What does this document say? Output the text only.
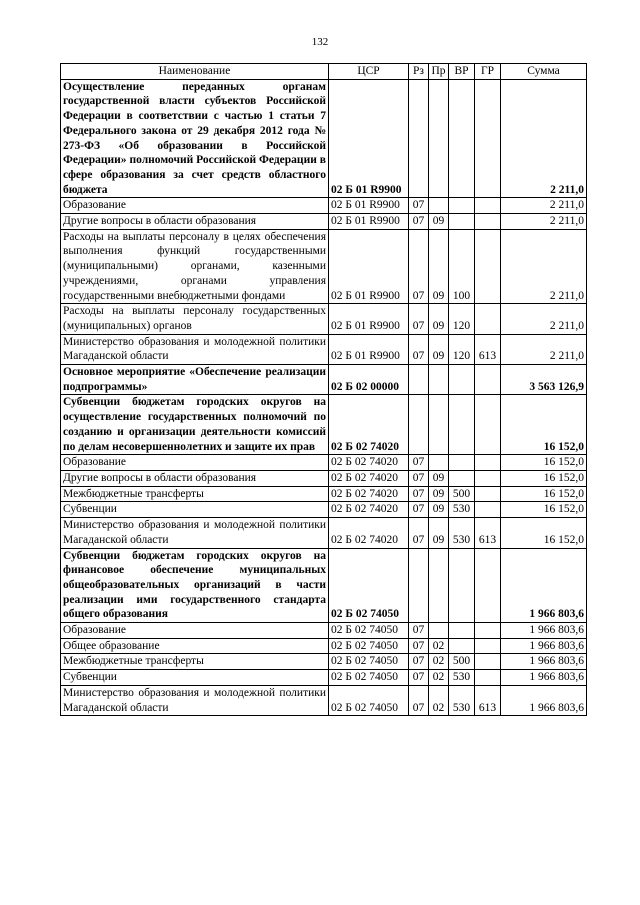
132
Наименование	ЦСР	Рз	Пр	ВР	ГР	Сумма
Осуществление переданных органам государственной власти субъектов Российской Федерации в соответствии с частью 1 статьи 7 Федерального закона от 29 декабря 2012 года № 273-ФЗ «Об образовании в Российской Федерации» полномочий Российской Федерации в сфере образования за счет средств областного бюджета	02 Б 01 R9900					2 211,0
Образование	02 Б 01 R9900	07				2 211,0
Другие вопросы в области образования	02 Б 01 R9900	07	09			2 211,0
Расходы на выплаты персоналу в целях обеспечения выполнения функций государственными (муниципальными) органами, казенными учреждениями, органами управления государственными внебюджетными фондами	02 Б 01 R9900	07	09	100		2 211,0
Расходы на выплаты персоналу государственных (муниципальных) органов	02 Б 01 R9900	07	09	120		2 211,0
Министерство образования и молодежной политики Магаданской области	02 Б 01 R9900	07	09	120	613	2 211,0
Основное мероприятие «Обеспечение реализации подпрограммы»	02 Б 02 00000					3 563 126,9
Субвенции бюджетам городских округов на осуществление государственных полномочий по созданию и организации деятельности комиссий по делам несовершеннолетних и защите их прав	02 Б 02 74020					16 152,0
Образование	02 Б 02 74020	07				16 152,0
Другие вопросы в области образования	02 Б 02 74020	07	09			16 152,0
Межбюджетные трансферты	02 Б 02 74020	07	09	500		16 152,0
Субвенции	02 Б 02 74020	07	09	530		16 152,0
Министерство образования и молодежной политики Магаданской области	02 Б 02 74020	07	09	530	613	16 152,0
Субвенции бюджетам городских округов на финансовое обеспечение муниципальных общеобразовательных организаций в части реализации ими государственного стандарта общего образования	02 Б 02 74050					1 966 803,6
Образование	02 Б 02 74050	07				1 966 803,6
Общее образование	02 Б 02 74050	07	02			1 966 803,6
Межбюджетные трансферты	02 Б 02 74050	07	02	500		1 966 803,6
Субвенции	02 Б 02 74050	07	02	530		1 966 803,6
Министерство образования и молодежной политики Магаданской области	02 Б 02 74050	07	02	530	613	1 966 803,6
